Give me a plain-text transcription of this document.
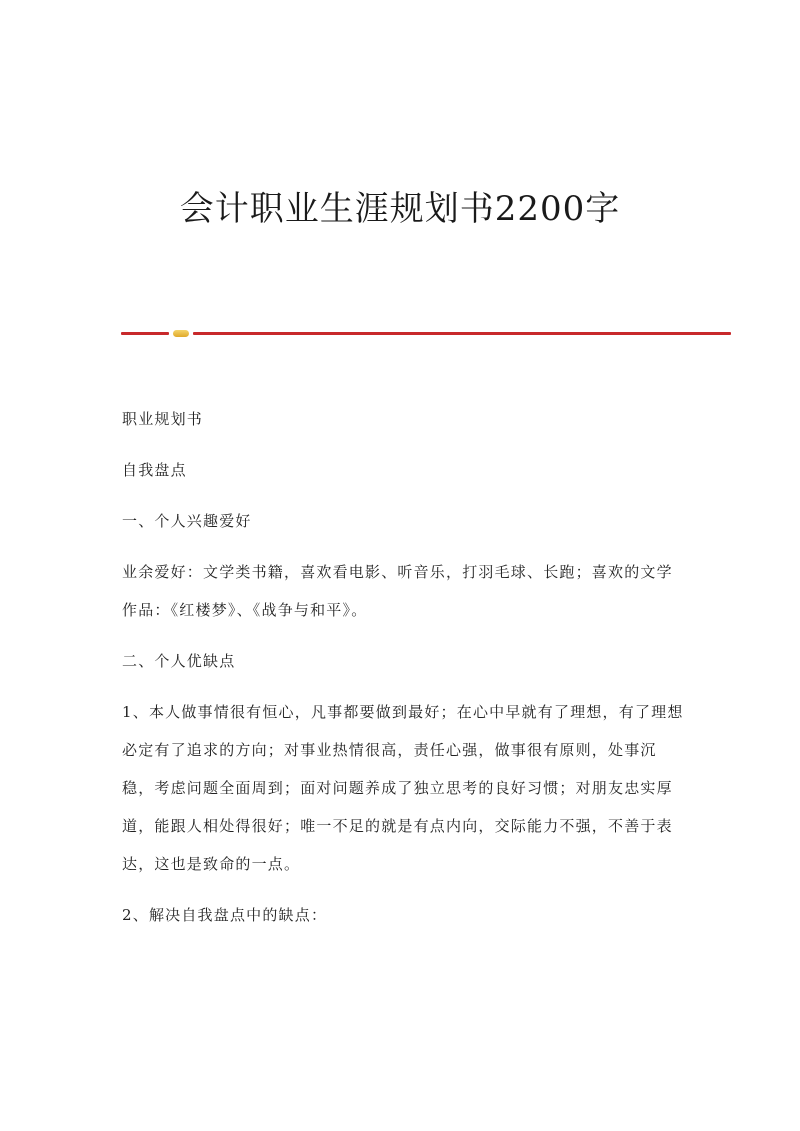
会计职业生涯规划书2200字

职业规划书

自我盘点

一、个人兴趣爱好

业余爱好：文学类书籍，喜欢看电影、听音乐，打羽毛球、长跑；喜欢的文学作品：《红楼梦》、《战争与和平》。

二、个人优缺点

1、本人做事情很有恒心，凡事都要做到最好；在心中早就有了理想，有了理想必定有了追求的方向；对事业热情很高，责任心强，做事很有原则，处事沉稳，考虑问题全面周到；面对问题养成了独立思考的良好习惯；对朋友忠实厚道，能跟人相处得很好；唯一不足的就是有点内向，交际能力不强，不善于表达，这也是致命的一点。

2、解决自我盘点中的缺点：
